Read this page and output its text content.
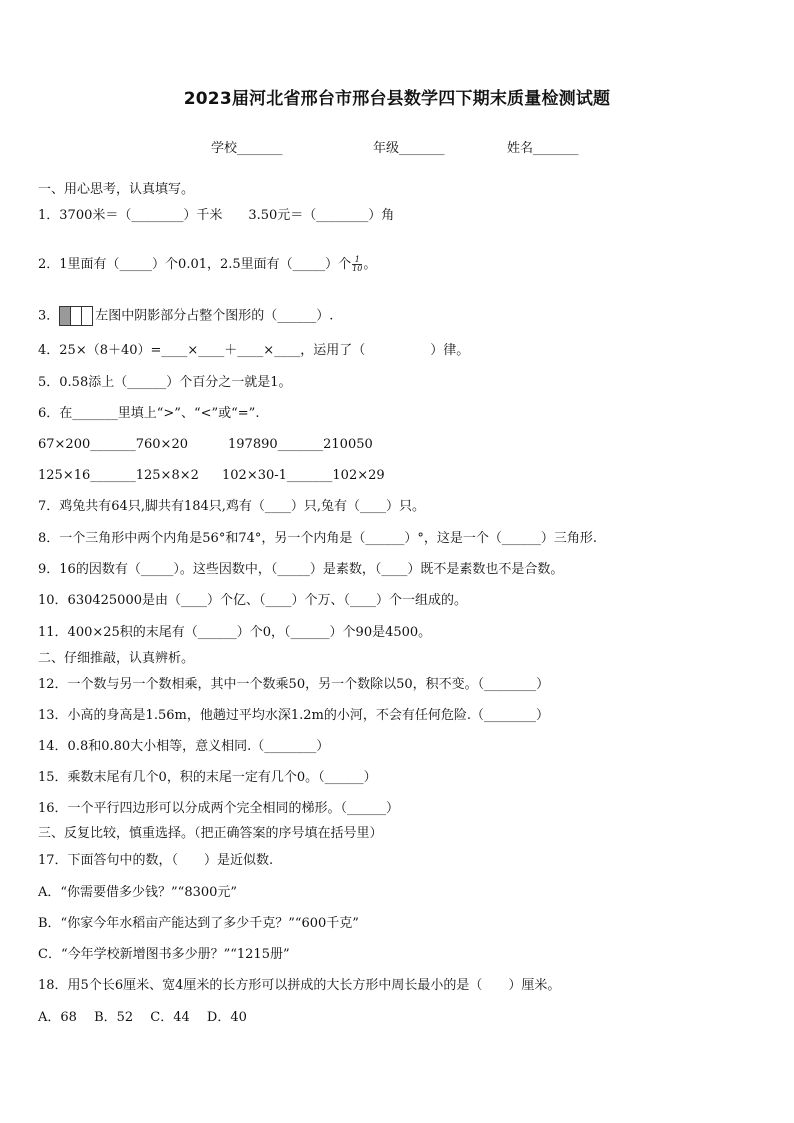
2023届河北省邢台市邢台县数学四下期末质量检测试题
学校_______	年级_______	姓名_______
一、用心思考，认真填写。
1．3700米＝（________）千米　　3.50元＝（________）角
2．1里面有（_____）个0.01，2.5里面有（_____）个 $\frac{1}{10}$ 。
3．	左图中阴影部分占整个图形的（______）.
4．25×（8＋40）=____×____＋____×____，运用了（　　　　　）律。
5．0.58添上（______）个百分之一就是1。
6．在_______里填上“>”、“<”或“=”.
67×200_______760×20	197890_______210050
125×16_______125×8×2 102×30-1_______102×29
7．鸡兔共有64只,脚共有184只,鸡有（____）只,兔有（____）只。
8．一个三角形中两个内角是56°和74°，另一个内角是（______）°，这是一个（______）三角形.
9．16的因数有（_____）。这些因数中，（_____）是素数，（____）既不是素数也不是合数。
10．630425000是由（____）个亿、（____）个万、（____）个一组成的。
11．400×25积的末尾有（______）个0，（______）个90是4500。
二、仔细推敲，认真辨析。
12．一个数与另一个数相乘，其中一个数乘50，另一个数除以50，积不变。（________）
13．小高的身高是1.56m，他趟过平均水深1.2m的小河，不会有任何危险.（________）
14．0.8和0.80大小相等，意义相同.（________）
15．乘数末尾有几个0，积的末尾一定有几个0。（______）
16．一个平行四边形可以分成两个完全相同的梯形。（______）
三、反复比较，慎重选择。（把正确答案的序号填在括号里）
17．下面答句中的数，（　　）是近似数.
A．“你需要借多少钱？”“8300元”
B．“你家今年水稻亩产能达到了多少千克？”“600千克”
C．“今年学校新增图书多少册？”“1215册”
18．用5个长6厘米、宽4厘米的长方形可以拼成的大长方形中周长最小的是（　　）厘米。
A．68　 B．52　 C．44　 D．40
